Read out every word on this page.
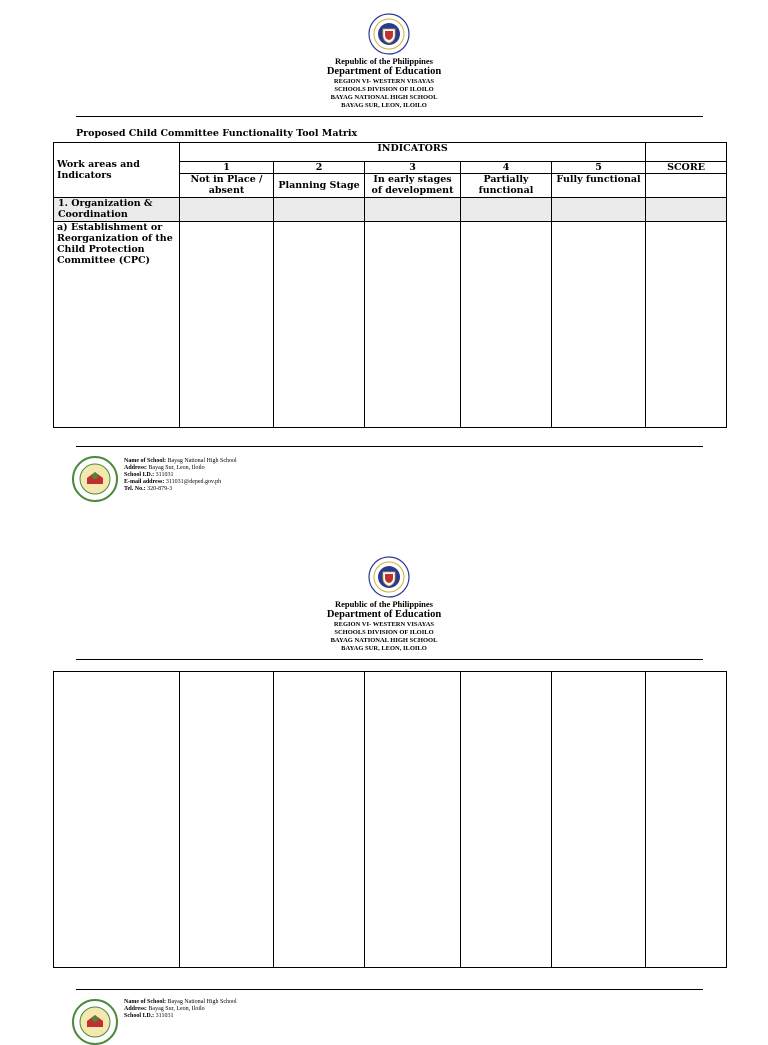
Republic of the Philippines
Department of Education
REGION VI- WESTERN VISAYAS
SCHOOLS DIVISION OF ILOILO
BAYAG NATIONAL HIGH SCHOOL
BAYAG SUR, LEON, ILOILO
Proposed Child Committee Functionality Tool Matrix
Work areas and Indicators	INDICATORS					
	1	2	3	4	5	SCORE
	Not in Place / absent	Planning Stage	In early stages of development	Partially functional	Fully functional	
1. Organization & Coordination						
a) Establishment or Reorganization of the Child Protection Committee (CPC)						
Name of School: Bayag National High School
Address: Bayag Sur, Leon, Iloilo
School I.D.: 311031
E-mail address: 311031@deped.gov.ph
Tel. No.: 320-879-3
Republic of the Philippines
Department of Education
REGION VI- WESTERN VISAYAS
SCHOOLS DIVISION OF ILOILO
BAYAG NATIONAL HIGH SCHOOL
BAYAG SUR, LEON, ILOILO

Name of School: Bayag National High School
Address: Bayag Sur, Leon, Iloilo
School I.D.: 311031
